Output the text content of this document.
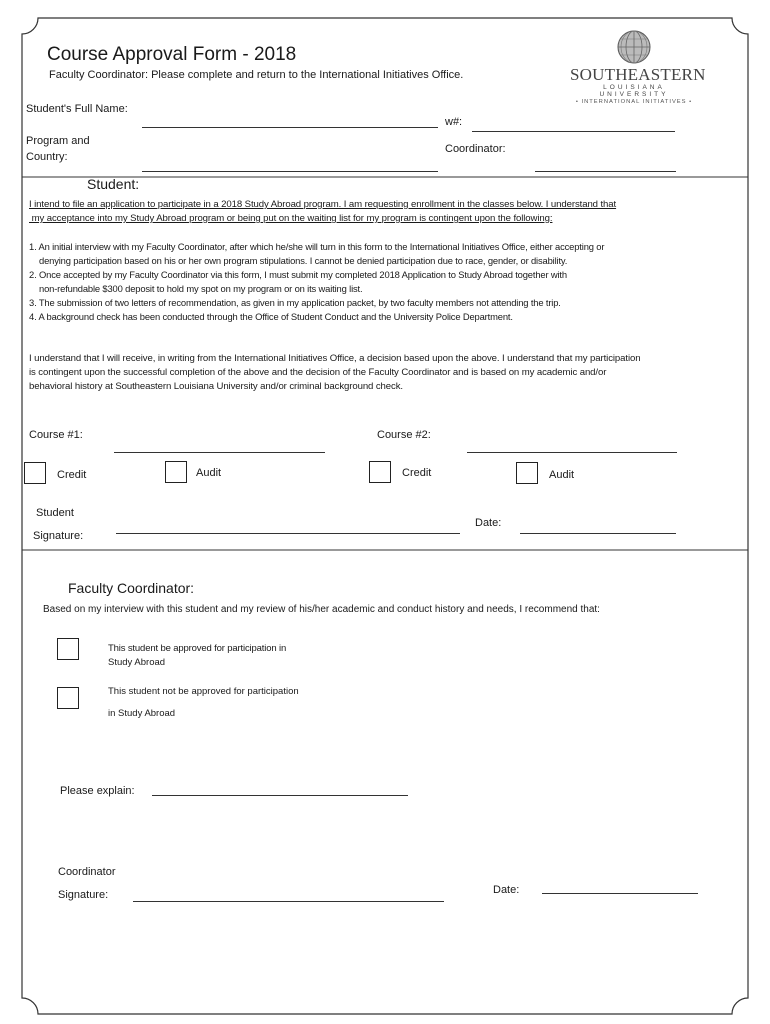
Course Approval Form - 2018
Faculty Coordinator: Please complete and return to the International Initiatives Office.	SOUTHEASTERN
LOUISIANA UNIVERSITY
• INTERNATIONAL INITIATIVES •
Student's Full Name:
w#:
Program and
Country:
Coordinator:
Student:
I intend to file an application to participate in a 2018 Study Abroad program. I am requesting enrollment in the classes below. I understand that
my acceptance into my Study Abroad program or being put on the waiting list for my program is contingent upon the following:
1. An initial interview with my Faculty Coordinator, after which he/she will turn in this form to the International Initiatives Office, either accepting or
denying participation based on his or her own program stipulations. I cannot be denied participation due to race, gender, or disability.
2. Once accepted by my Faculty Coordinator via this form, I must submit my completed 2018 Application to Study Abroad together with
non-refundable $300 deposit to hold my spot on my program or on its waiting list.
3. The submission of two letters of recommendation, as given in my application packet, by two faculty members not attending the trip.
4. A background check has been conducted through the Office of Student Conduct and the University Police Department.
I understand that I will receive, in writing from the International Initiatives Office, a decision based upon the above. I understand that my participation
is contingent upon the successful completion of the above and the decision of the Faculty Coordinator and is based on my academic and/or
behavioral history at Southeastern Louisiana University and/or criminal background check.
Course #1:	Course #2:
Credit	Audit	Credit	Audit
Student
Signature:
Date:
Faculty Coordinator:
Based on my interview with this student and my review of his/her academic and conduct history and needs, I recommend that:
This student be approved for participation in
Study Abroad
This student not be approved for participation
in Study Abroad
Please explain:
Coordinator
Signature:	Date:
